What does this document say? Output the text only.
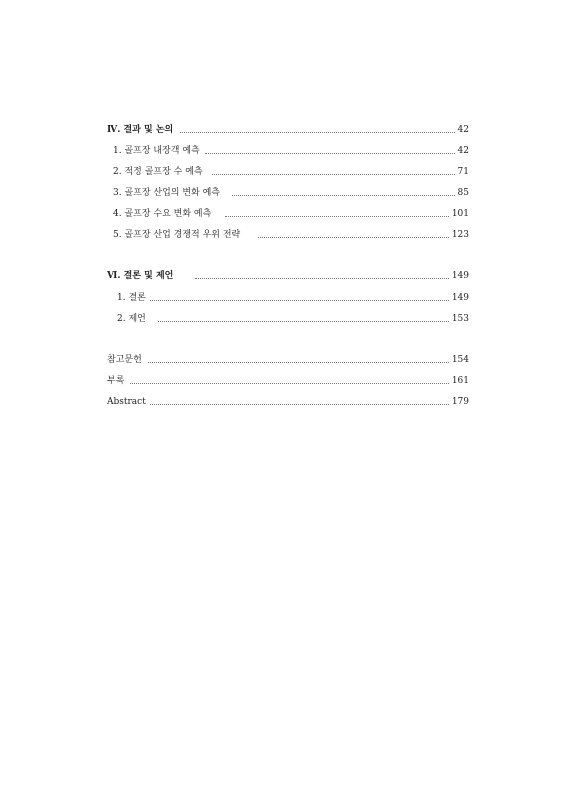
Ⅳ. 결과 및 논의	42
1. 골프장 내장객 예측	42
2. 적정 골프장 수 예측	71
3. 골프장 산업의 변화 예측	85
4. 골프장 수요 변화 예측	101
5. 골프장 산업 경쟁적 우위 전략	123
Ⅵ. 결론 및 제언	149
1. 결론	149
2. 제언	153
참고문헌	154
부록	161
Abstract	179
